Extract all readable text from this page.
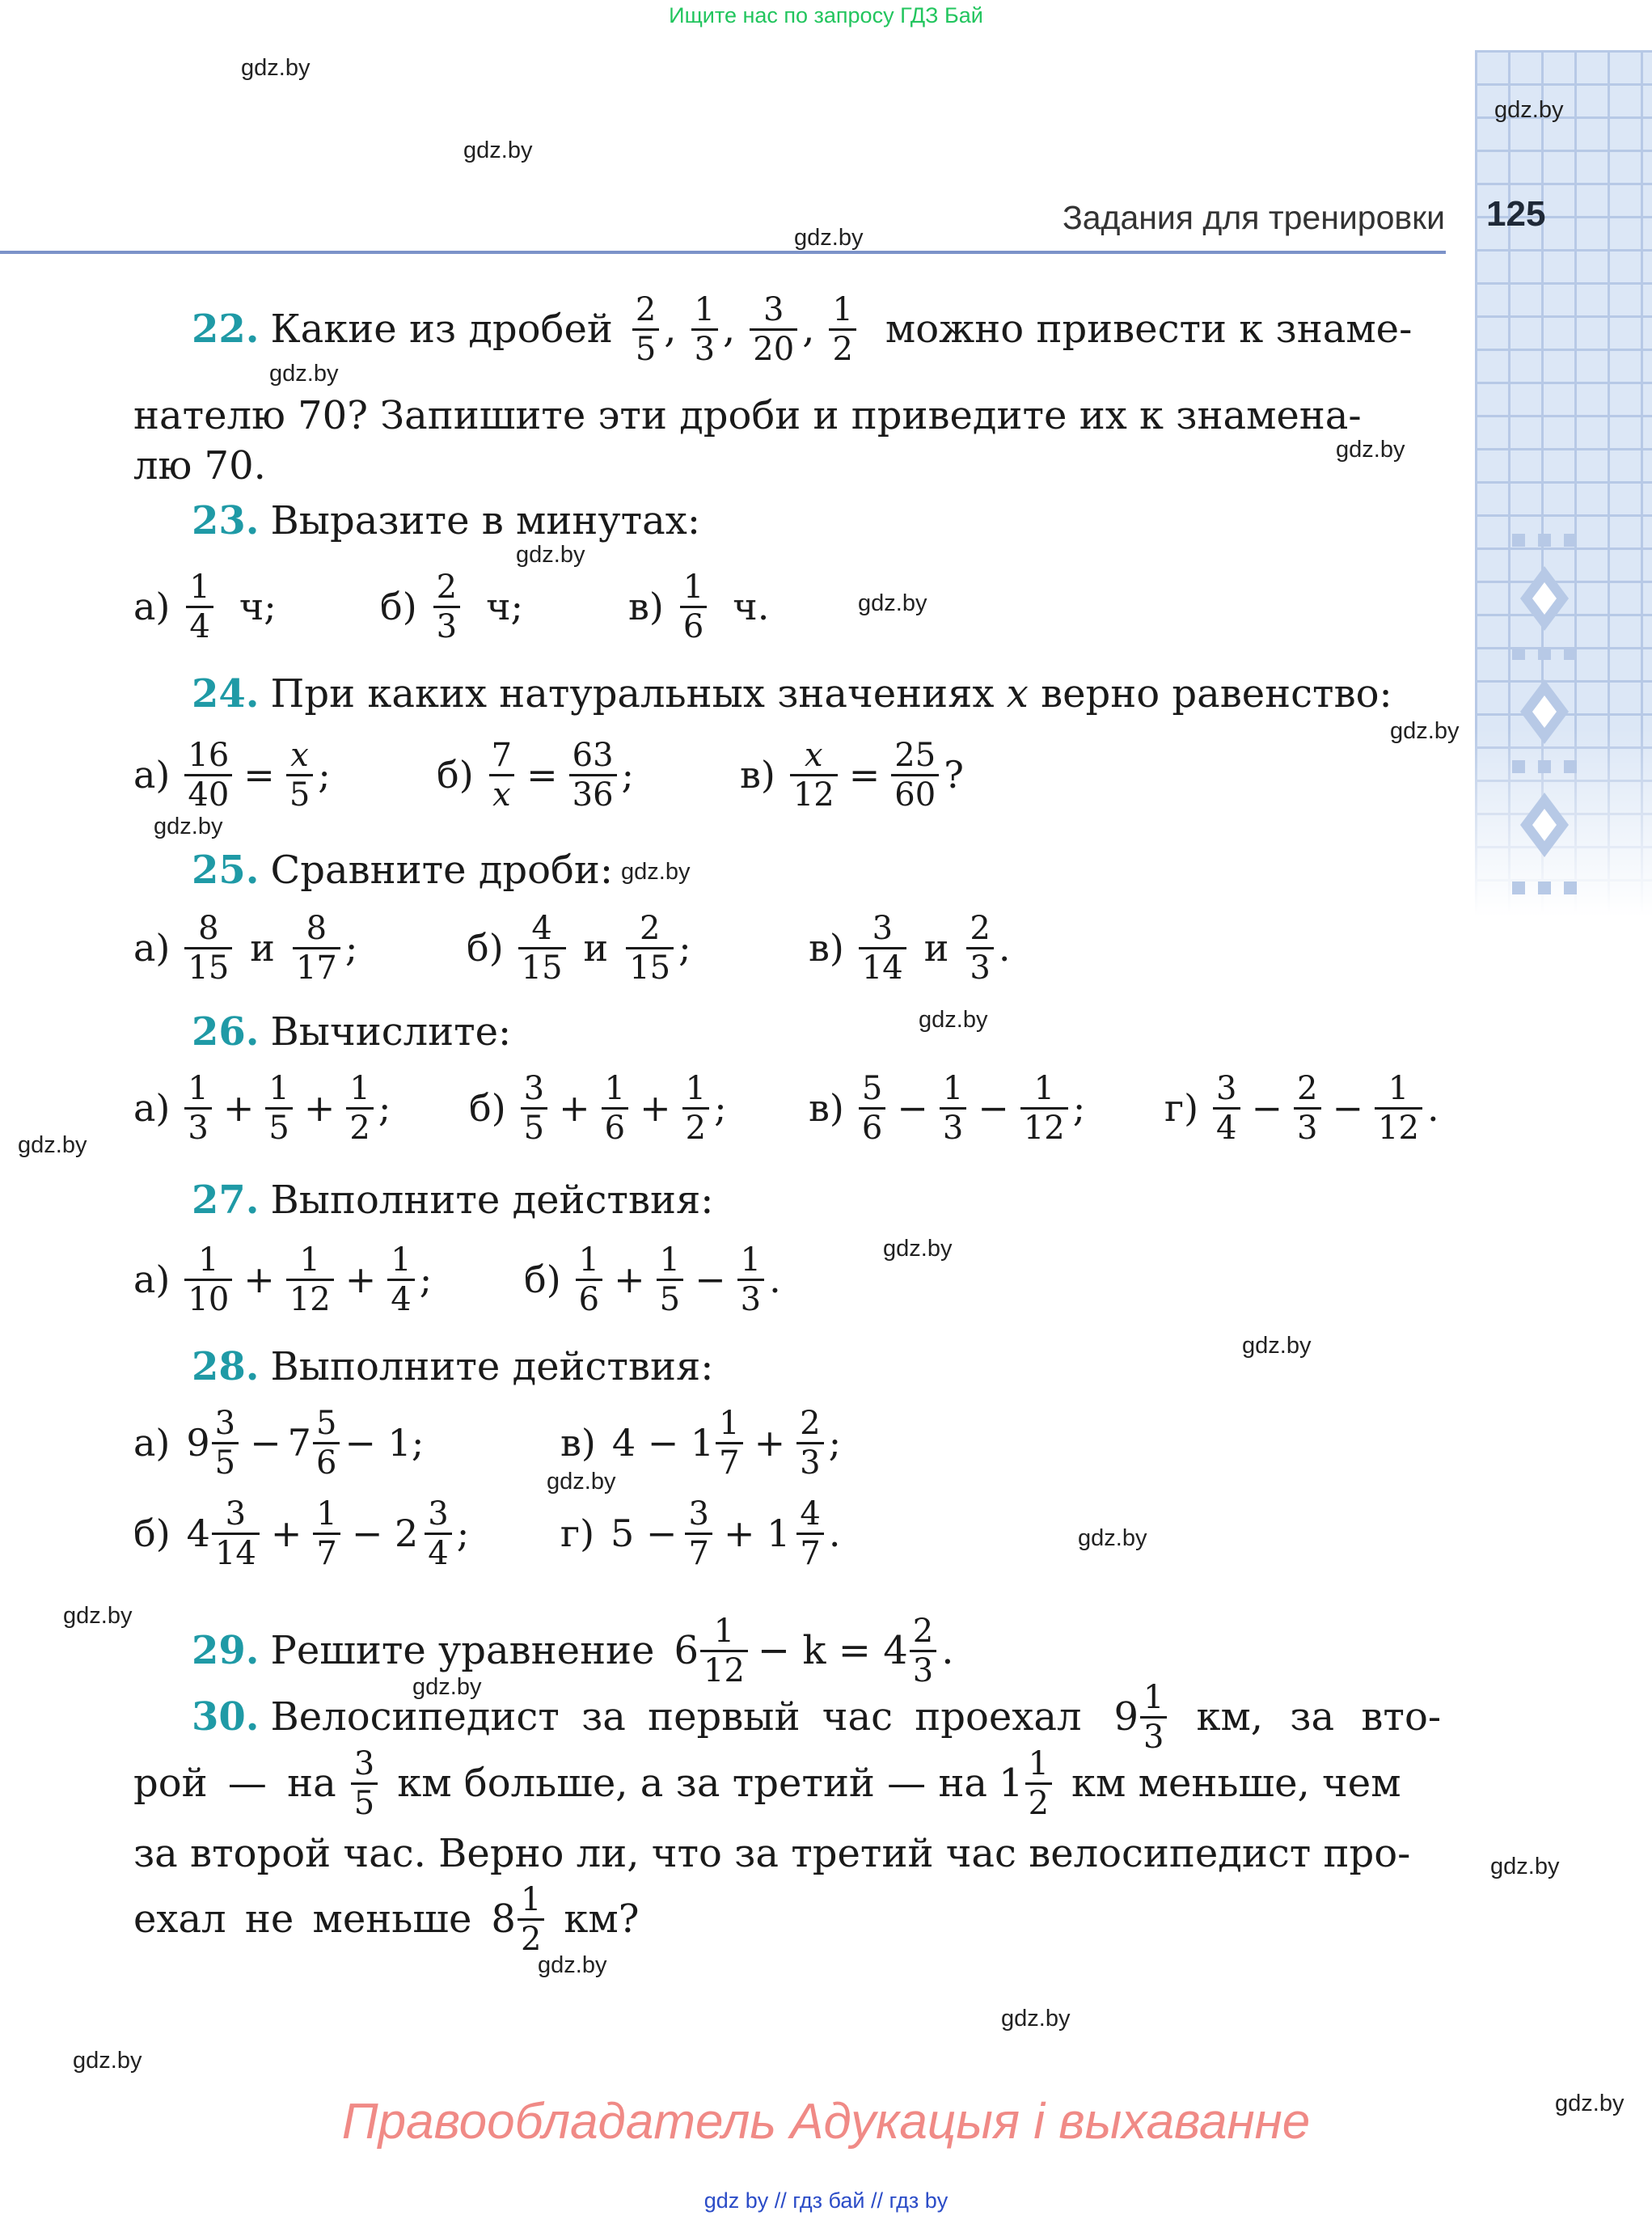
Ищите нас по запросу ГДЗ Бай
125
Задания для тренировки
gdz.by
gdz.by
gdz.by
gdz.by
gdz.by
gdz.by
gdz.by
gdz.by
gdz.by
gdz.by
gdz.by
gdz.by
gdz.by
gdz.by
gdz.by
gdz.by
gdz.by
gdz.by
gdz.by
gdz.by
gdz.by
gdz.by
gdz.by
gdz.by
22. Какие из дробей $\frac{2}{5}$ , $\frac{1}{3}$ , $\frac{3}{20}$ , $\frac{1}{2}$ можно привести к знаме-
нателю 70? Запишите эти дроби и приведите их к знамена-
лю 70.
23. Выразите в минутах:
$а) \frac{1}{4} ч$;	$б) \frac{2}{3} ч$;	$в) \frac{1}{6} ч$.
24. При каких натуральных значениях x верно равенство:
$а) \frac{16}{40} = \frac{x}{5}$ ;	$б) \frac{7}{x} = \frac{63}{36}$ ;	$в) \frac{x}{12} = \frac{25}{60}$ ?
25. Сравните дроби:
$а) \frac{8}{15}$ и $\frac{8}{17}$ ;	$б) \frac{4}{15}$ и $\frac{2}{15}$ ;	$в) \frac{3}{14}$ и $\frac{2}{3}$ .
26. Вычислите:
$а) \frac{1}{3} + \frac{1}{5} + \frac{1}{2}$ ; $б) \frac{3}{5} + \frac{1}{6} + \frac{1}{2}$ ; $в) \frac{5}{6} - \frac{1}{3} - \frac{1}{12}$ ; $г) \frac{3}{4} - \frac{2}{3} - \frac{1}{12}$ .
27. Выполните действия:
$а) \frac{1}{10} + \frac{1}{12} + \frac{1}{4}$ ; $б) \frac{1}{6} + \frac{1}{5} - \frac{1}{3}$ .
28. Выполните действия:
а) $9 \frac{3}{5} - 7 \frac{5}{6} - 1$;	в) $4 - 1 \frac{1}{7} + \frac{2}{3}$ ;
б) $4 \frac{3}{14} + \frac{1}{7} - 2 \frac{3}{4}$ ; г) $5 - \frac{3}{7} + 1 \frac{4}{7}$ .
29. Решите уравнение $6 \frac{1}{12} - k = 4 \frac{2}{3}$ .
30. Велосипедист за первый час проехал $9 \frac{1}{3}$ км, за вто-
рой — на $\frac{3}{5}$ км больше, а за третий — на $1 \frac{1}{2}$ км меньше, чем
за второй час. Верно ли, что за третий час велосипедист про-
ехал не меньше $8 \frac{1}{2}$ км?
Правообладатель Адукацыя і выхаванне
gdz by // гдз бай // гдз by
